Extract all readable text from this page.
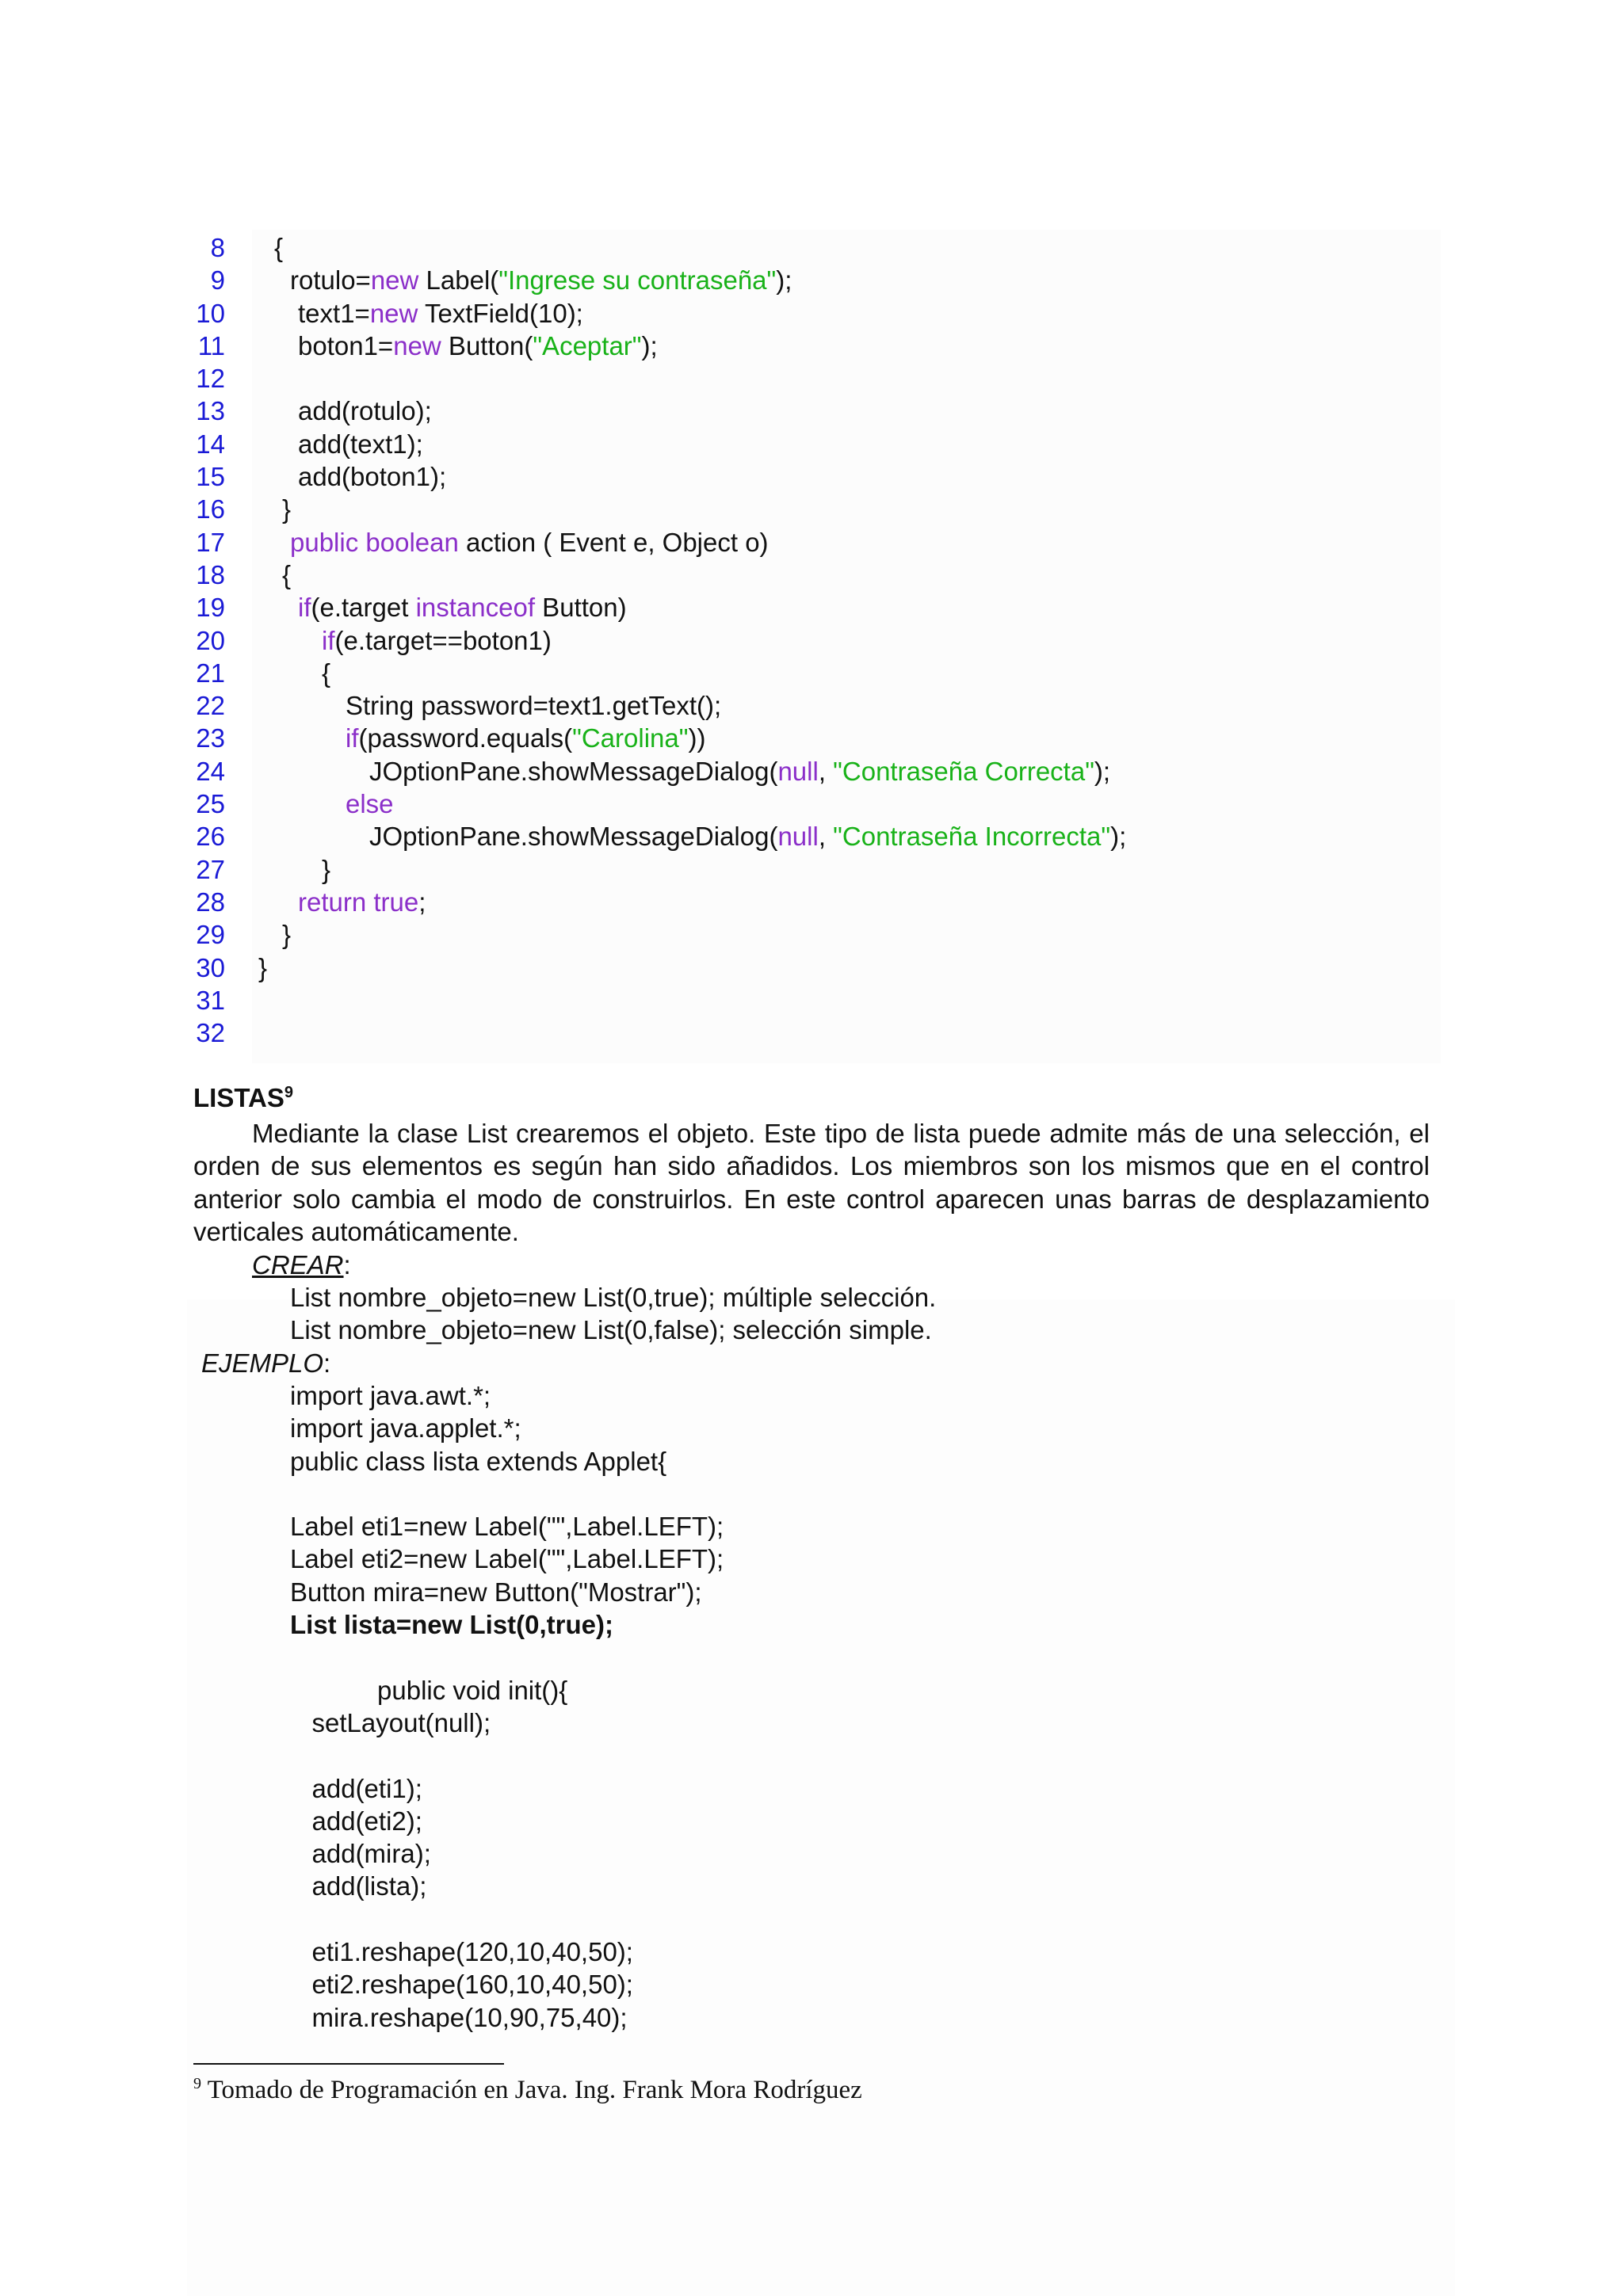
8 {
9 rotulo=new Label("Ingrese su contraseña");
10	text1=new TextField(10);
11	boton1=new Button("Aceptar");
12
13	add(rotulo);
14	add(text1);
15	add(boton1);
16 }
17 public boolean action ( Event e, Object o)
18 {
19	if(e.target instanceof Button)
20	if(e.target==boton1)
21	{
22	String password=text1.getText();
23	if(password.equals("Carolina"))
24	JOptionPane.showMessageDialog(null, "Contraseña Correcta");
25	else
26	JOptionPane.showMessageDialog(null, "Contraseña Incorrecta");
27	}
28	return true;
29 }
30 }
31
32
LISTAS$^9$
Mediante la clase List crearemos el objeto. Este tipo de lista puede admite más de una selección, el orden de sus elementos es según han sido añadidos. Los miembros son los mismos que en el control anterior solo cambia el modo de construirlos. En este control aparecen unas barras de desplazamiento verticales automáticamente.
CREAR:
List nombre_objeto=new List(0,true); múltiple selección.
List nombre_objeto=new List(0,false); selección simple.
EJEMPLO:
import java.awt.*;
import java.applet.*;
public class lista extends Applet{
Label eti1=new Label("",Label.LEFT);
Label eti2=new Label("",Label.LEFT);
Button mira=new Button("Mostrar");
List lista=new List(0,true);
public void init(){
setLayout(null);
add(eti1);
add(eti2);
add(mira);
add(lista);
eti1.reshape(120,10,40,50);
eti2.reshape(160,10,40,50);
mira.reshape(10,90,75,40);
$^9$ Tomado de Programación en Java. Ing. Frank Mora Rodríguez
